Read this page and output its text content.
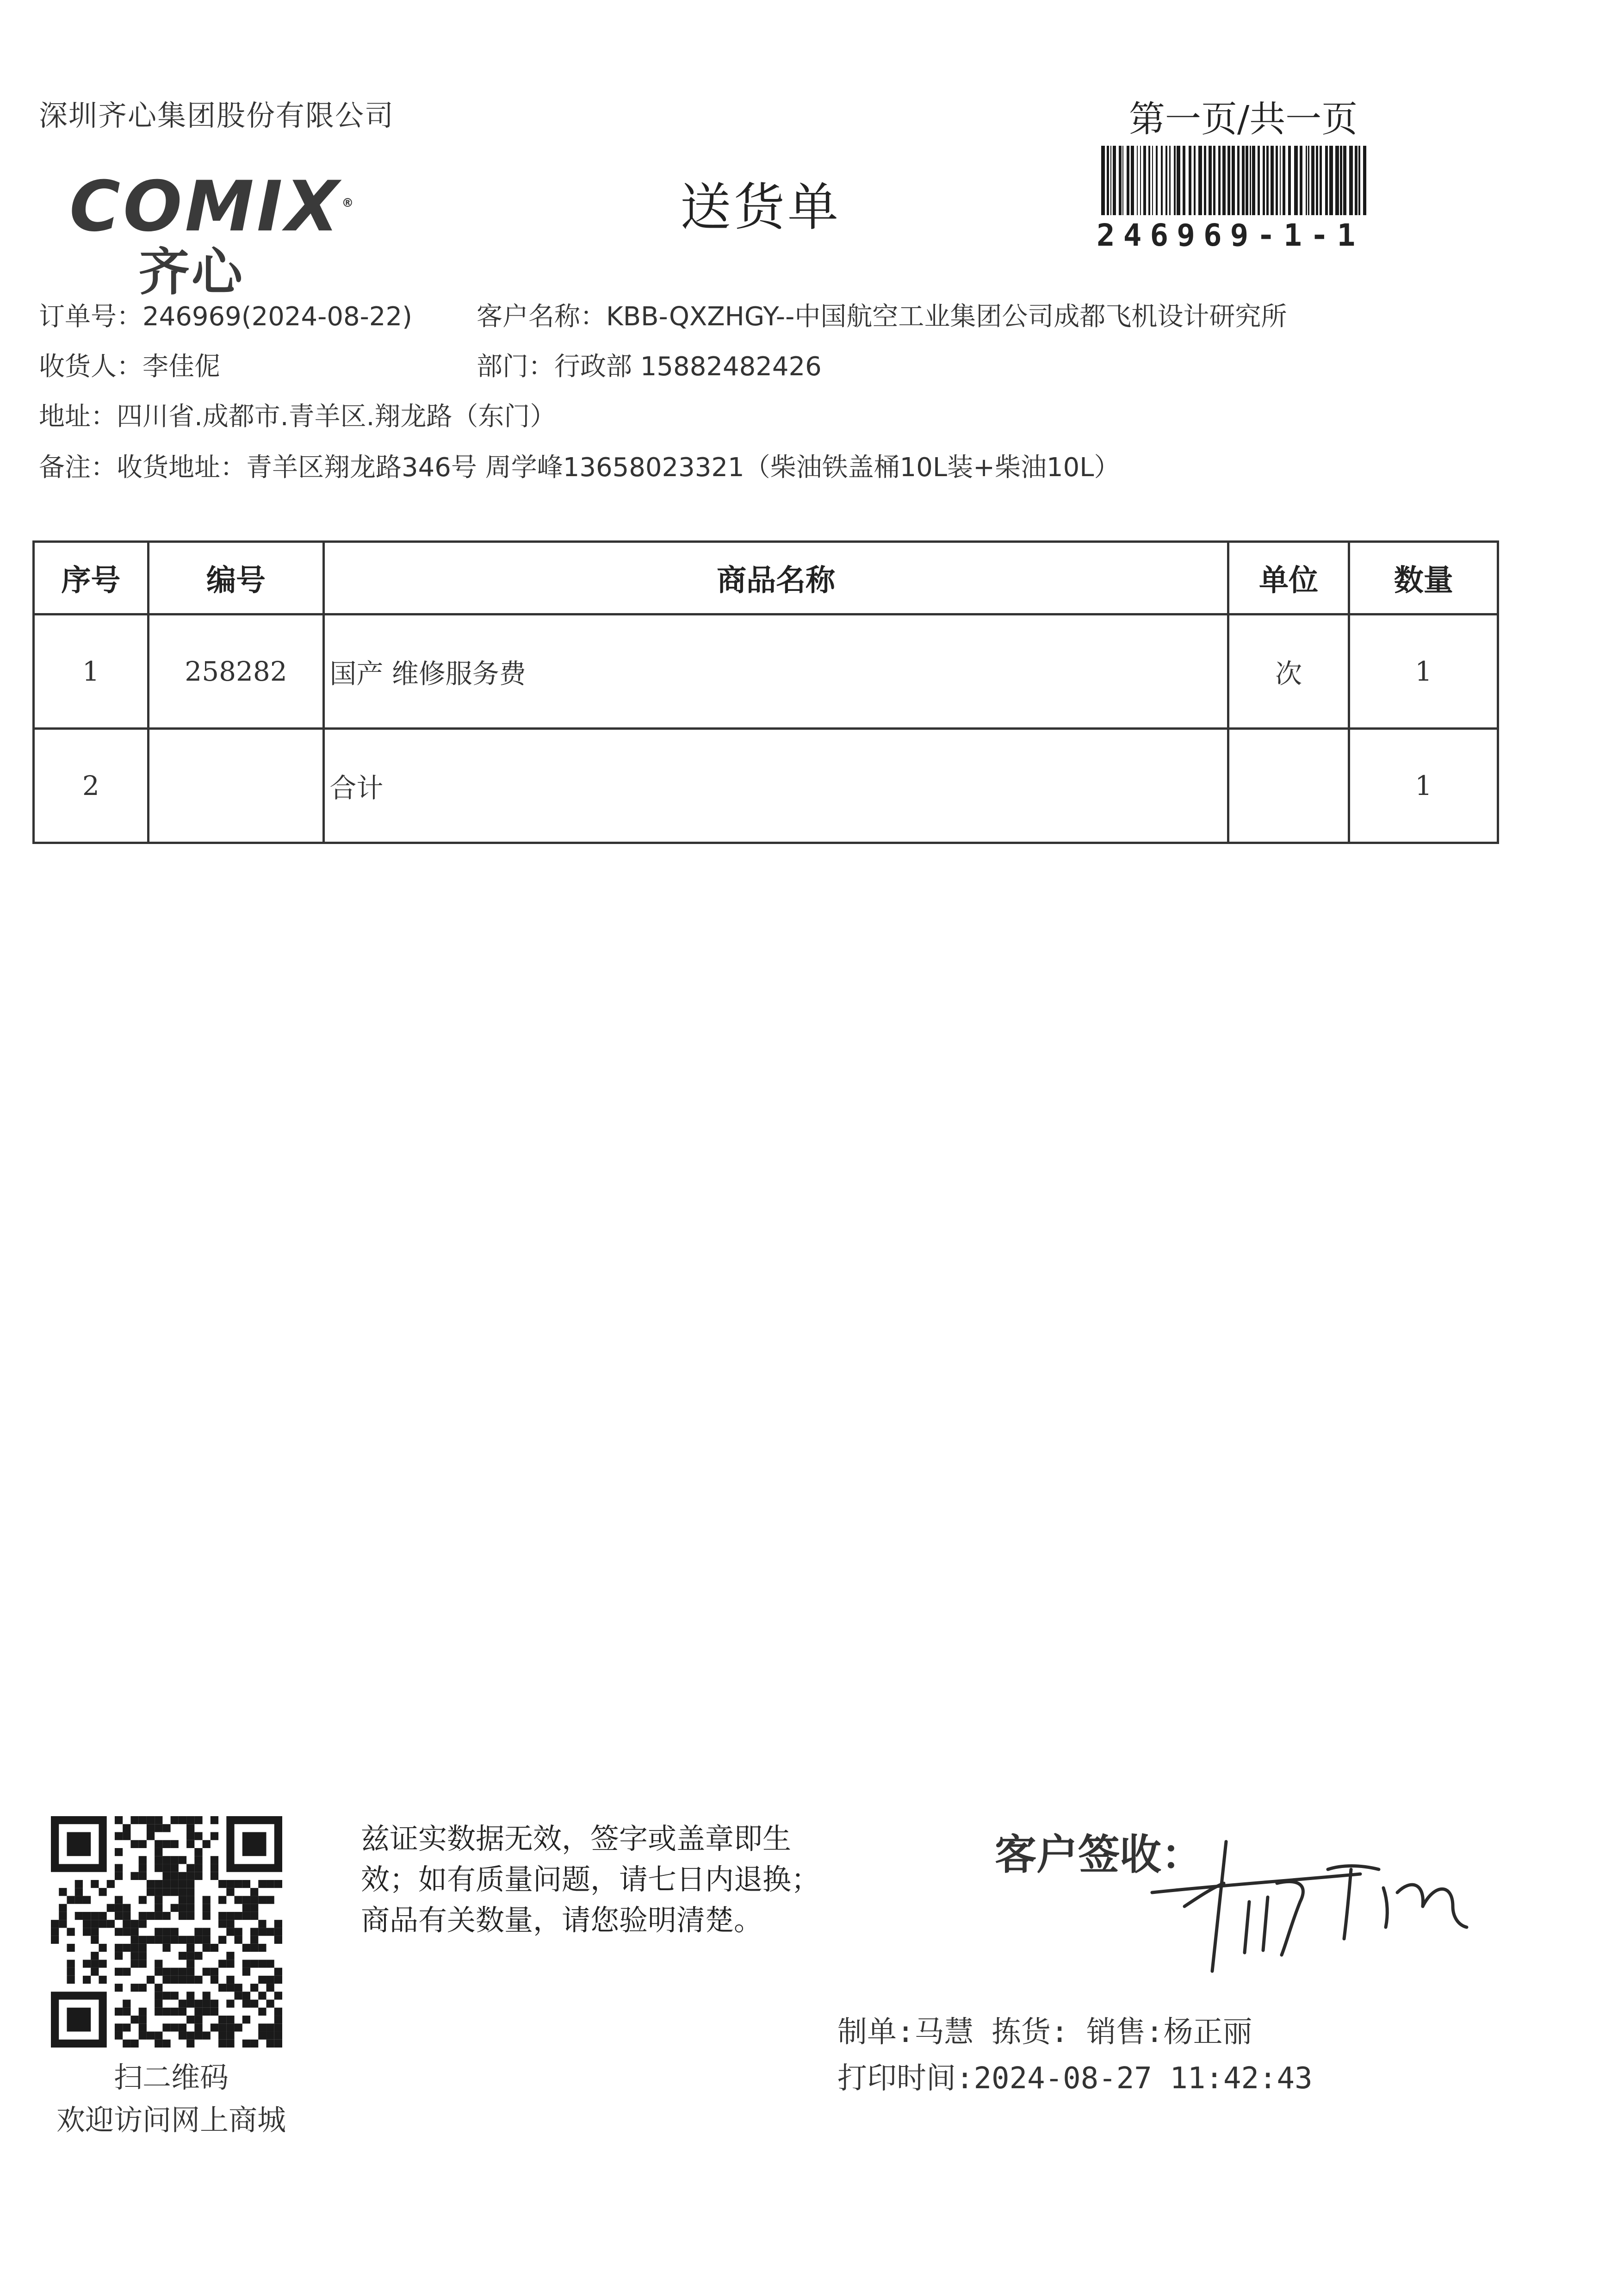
深圳齐心集团股份有限公司
COMIX®
齐心
送货单
第一页/共一页
246969-1-1
订单号：246969(2024-08-22) 客户名称：KBB-QXZHGY--中国航空工业集团公司成都飞机设计研究所
收货人：李佳伲	部门：行政部 15882482426
地址：四川省.成都市.青羊区.翔龙路（东门）
备注：收货地址：青羊区翔龙路346号 周学峰13658023321（柴油铁盖桶10L装+柴油10L）
序号	编号	商品名称	单位	数量
1	258282	国产 维修服务费	次	1
2		合计		1
扫二维码
欢迎访问网上商城
兹证实数据无效，签字或盖章即生
效；如有质量问题，请七日内退换；
商品有关数量，请您验明清楚。
客户签收：
制单:马慧 拣货: 销售:杨正丽
打印时间:2024-08-27 11:42:43
